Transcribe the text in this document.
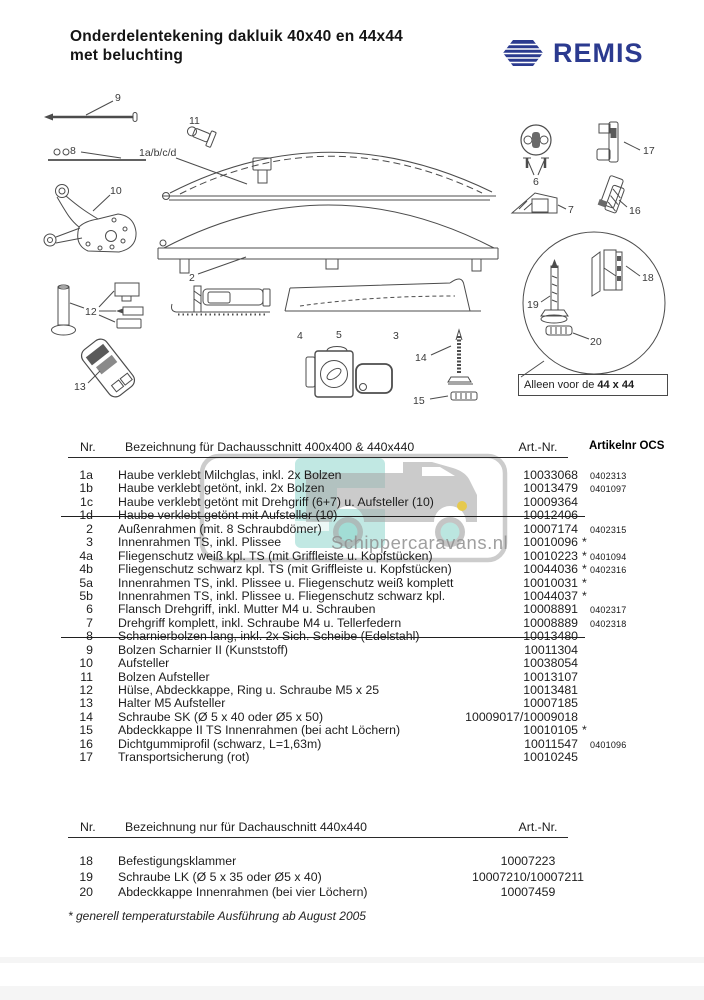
Onderdelentekening dakluik 40x40 en 44x44
met beluchting	REMIS
Schippercaravans.nl
9
8
10
11
1a/b/c/d
2
3
4	5
12
13
14
15
6
7	16
17
18
19
20
Alleen voor de 44 x 44
Nr. Bezeichnung für Dachausschnitt 400x400 & 440x440	Art.-Nr.	Artikelnr OCS
1a Haube verklebt Milchglas, inkl. 2x Bolzen	10033068 0402313
1b Haube verklebt getönt, inkl. 2x Bolzen	10013479 0401097
1c Haube verklebt getönt mit Drehgriff (6+7) u. Aufsteller (10)	10009364
1d Haube verklebt getönt mit Aufsteller (10)	10012406
2 Außenrahmen (mit. 8 Schraubdömer)	10007174 0402315
3 Innenrahmen TS, inkl. Plissee	10010096 *
4a Fliegenschutz weiß kpl. TS (mit Griffleiste u. Kopfstücken)	10010223 * 0401094
4b Fliegenschutz schwarz kpl. TS (mit Griffleiste u. Kopfstücken)	10044036 * 0402316
5a Innenrahmen TS, inkl. Plissee u. Fliegenschutz weiß komplett	10010031 *
5b Innenrahmen TS, inkl. Plissee u. Fliegenschutz schwarz kpl.	10044037 *
6 Flansch Drehgriff, inkl. Mutter M4 u. Schrauben	10008891 0402317
7 Drehgriff komplett, inkl. Schraube M4 u. Tellerfedern	10008889 0402318
8 Scharnierbolzen lang, inkl. 2x Sich. Scheibe (Edelstahl)	10013480
9 Bolzen Scharnier II (Kunststoff)	10011304
10 Aufsteller	10038054
11 Bolzen Aufsteller	10013107
12 Hülse, Abdeckkappe, Ring u. Schraube M5 x 25	10013481
13 Halter M5 Aufsteller	10007185
14 Schraube SK (Ø 5 x 40 oder Ø5 x 50)	10009017/10009018
15 Abdeckkappe II TS Innenrahmen (bei acht Löchern)	10010105 *
16 Dichtgummiprofil (schwarz, L=1,63m)	10011547 0401096
17 Transportsicherung (rot)	10010245
Nr. Bezeichnung nur für Dachauschnitt 440x440	Art.-Nr.
18 Befestigungsklammer	10007223
19 Schraube LK (Ø 5 x 35 oder Ø5 x 40)	10007210/10007211
20 Abdeckkappe Innenrahmen (bei vier Löchern)	10007459
* generell temperaturstabile Ausführung ab August 2005
